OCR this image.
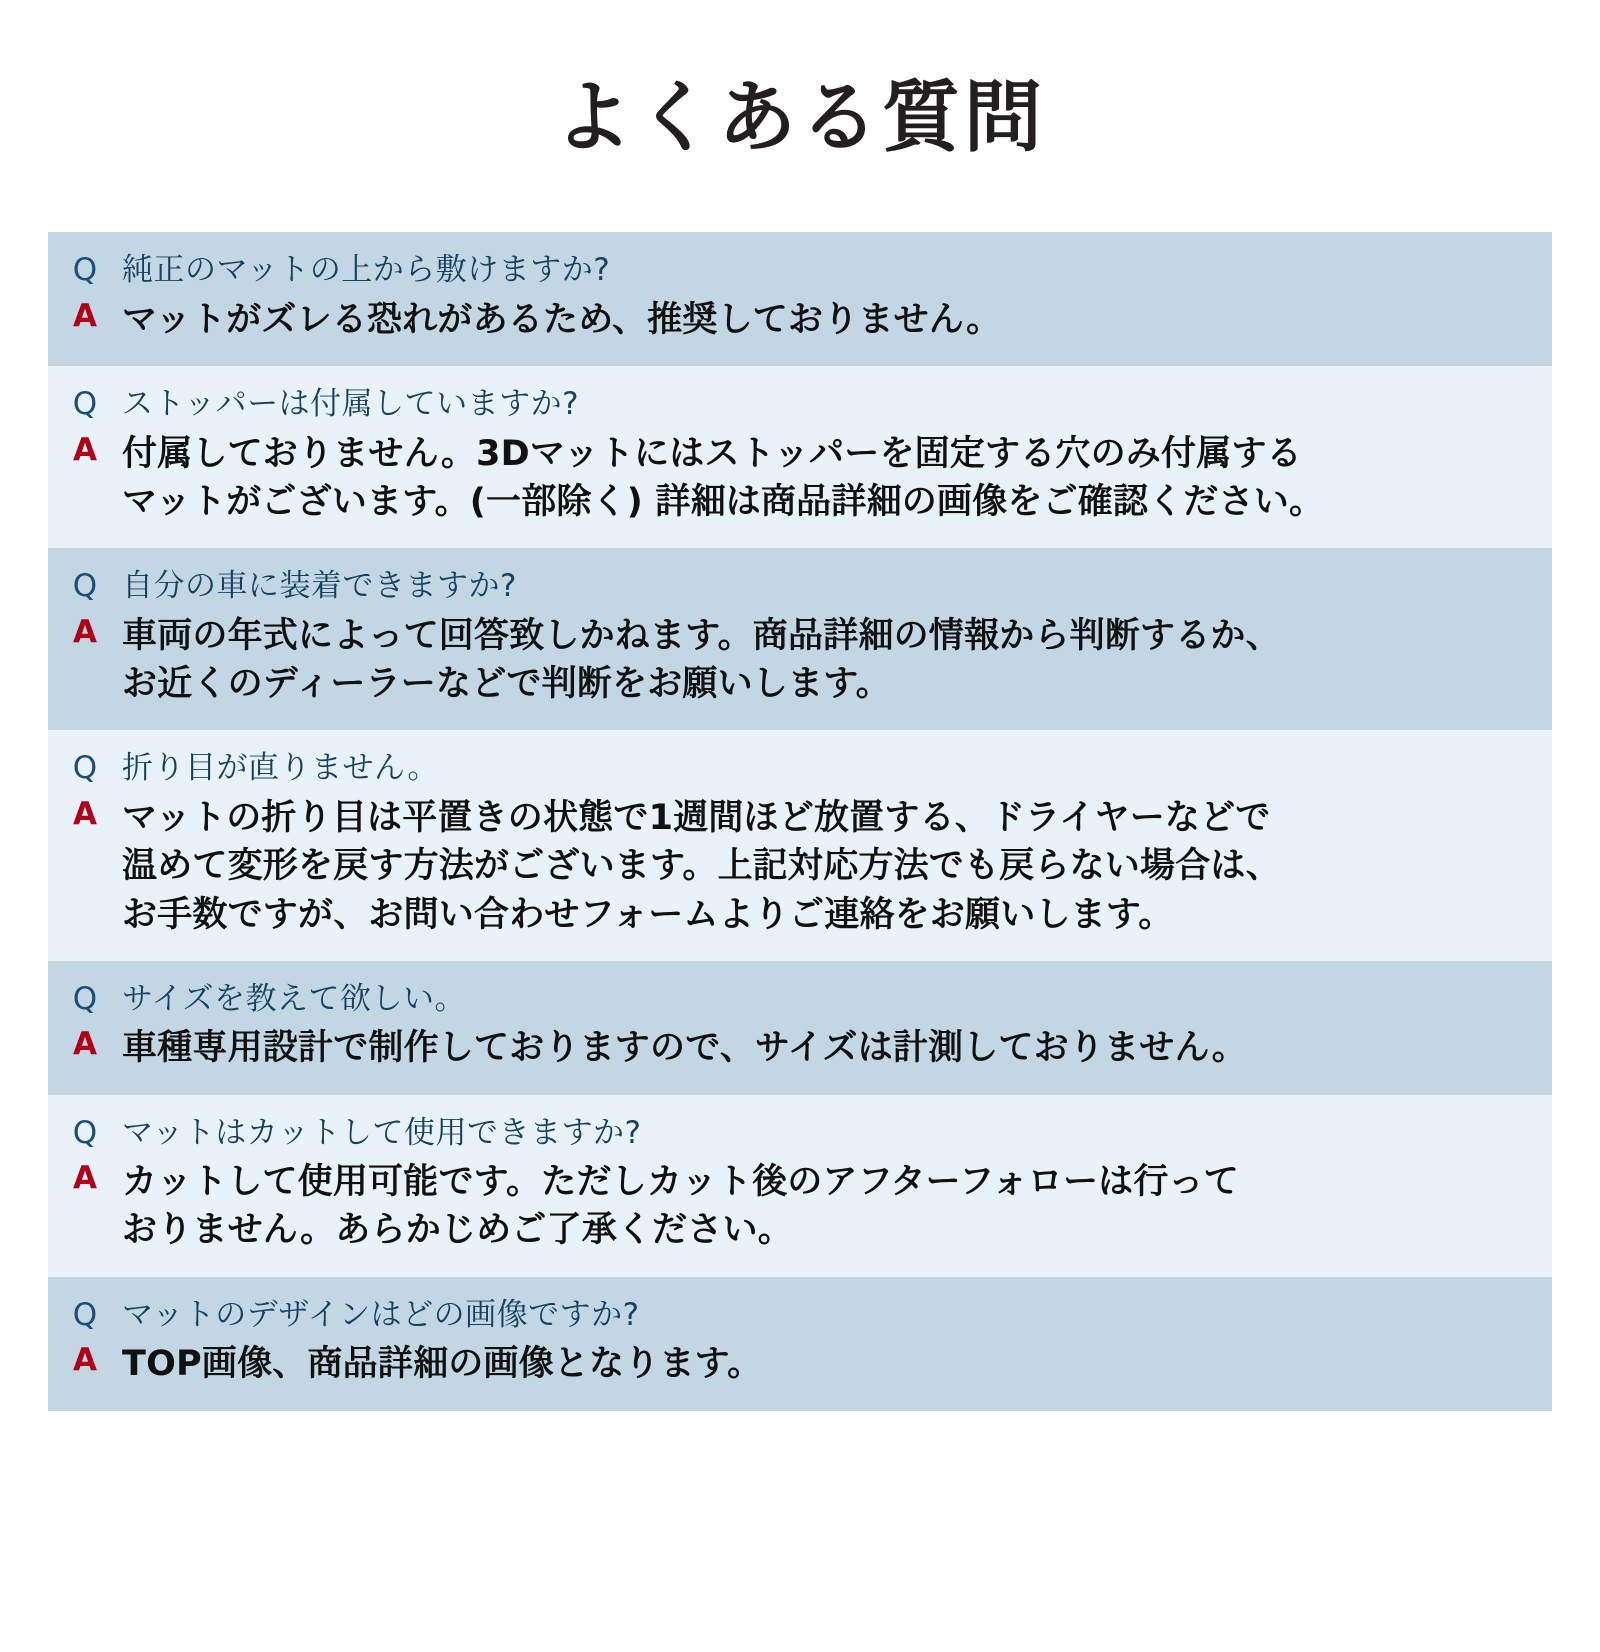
よくある質問
Q 純正のマットの上から敷けますか?
A マットがズレる恐れがあるため、推奨しておりません。
Q ストッパーは付属していますか?
A 付属しておりません。3Dマットにはストッパーを固定する穴のみ付属する
マットがございます。(一部除く) 詳細は商品詳細の画像をご確認ください。
Q 自分の車に装着できますか?
A 車両の年式によって回答致しかねます。商品詳細の情報から判断するか、
お近くのディーラーなどで判断をお願いします。
Q 折り目が直りません。
A マットの折り目は平置きの状態で1週間ほど放置する、ドライヤーなどで
温めて変形を戻す方法がございます。上記対応方法でも戻らない場合は、
お手数ですが、お問い合わせフォームよりご連絡をお願いします。
Q サイズを教えて欲しい。
A 車種専用設計で制作しておりますので、サイズは計測しておりません。
Q マットはカットして使用できますか?
A カットして使用可能です。ただしカット後のアフターフォローは行って
おりません。あらかじめご了承ください。
Q マットのデザインはどの画像ですか?
A TOP画像、商品詳細の画像となります。
